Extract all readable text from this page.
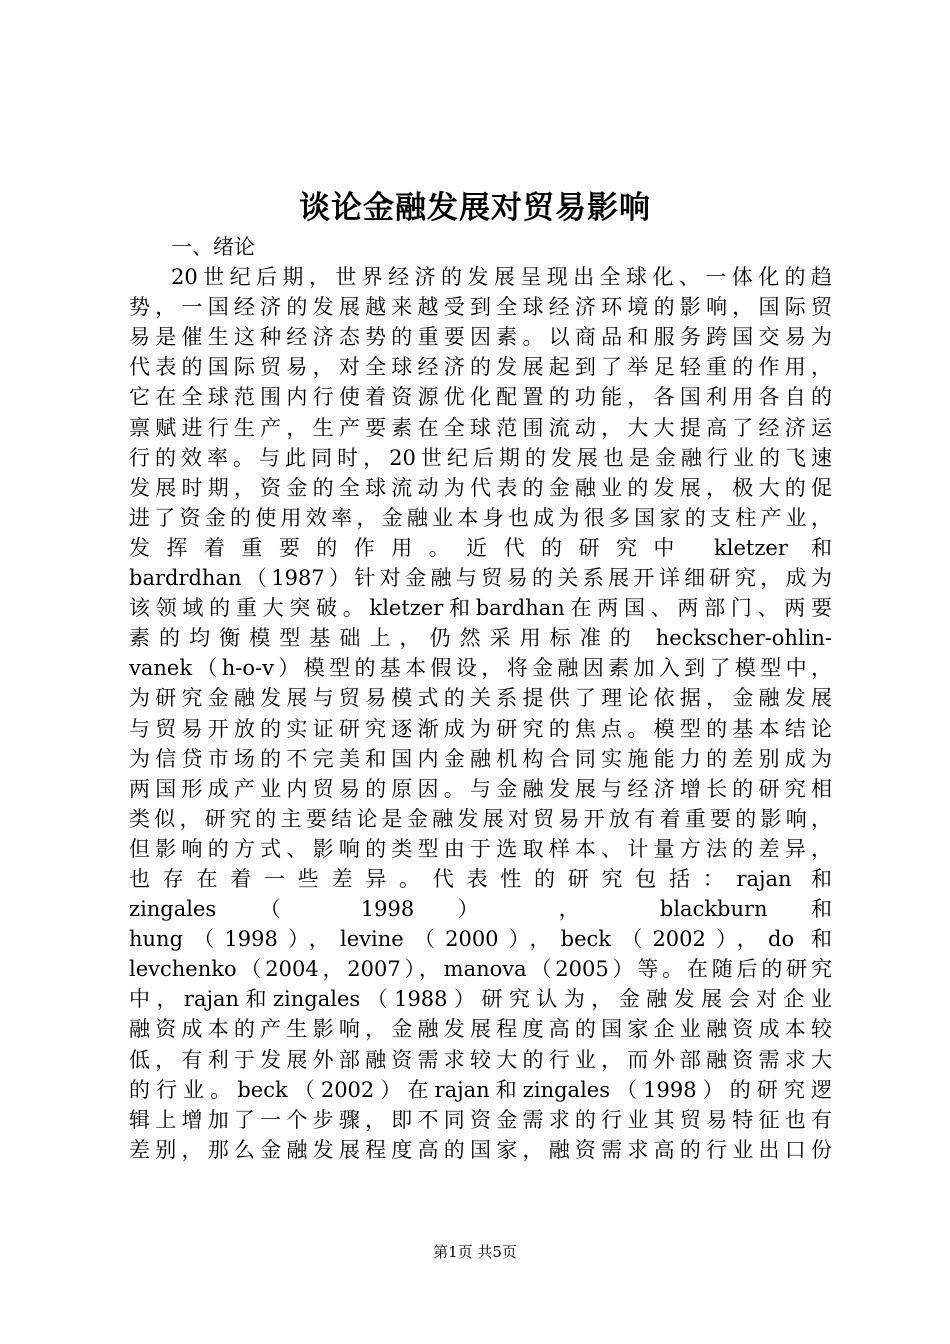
谈论金融发展对贸易影响
一、绪论
20世纪后期，世界经济的发展呈现出全球化、一体化的趋
势，一国经济的发展越来越受到全球经济环境的影响，国际贸
易是催生这种经济态势的重要因素。以商品和服务跨国交易为
代表的国际贸易，对全球经济的发展起到了举足轻重的作用，
它在全球范围内行使着资源优化配置的功能，各国利用各自的
禀赋进行生产，生产要素在全球范围流动，大大提高了经济运
行的效率。与此同时，20世纪后期的发展也是金融行业的飞速
发展时期，资金的全球流动为代表的金融业的发展，极大的促
进了资金的使用效率，金融业本身也成为很多国家的支柱产业，
发挥着重要的作用。近代的研究中 kletzer 和
bardrdhan（1987）针对金融与贸易的关系展开详细研究，成为
该领域的重大突破。kletzer和bardhan在两国、两部门、两要
素的均衡模型基础上，仍然采用标准的 heckscher-ohlin-
vanek（h-o-v）模型的基本假设，将金融因素加入到了模型中，
为研究金融发展与贸易模式的关系提供了理论依据，金融发展
与贸易开放的实证研究逐渐成为研究的焦点。模型的基本结论
为信贷市场的不完美和国内金融机构合同实施能力的差别成为
两国形成产业内贸易的原因。与金融发展与经济增长的研究相
类似，研究的主要结论是金融发展对贸易开放有着重要的影响，
但影响的方式、影响的类型由于选取样本、计量方法的差异，
也存在着一些差异。代表性的研究包括：rajan 和
zingales （ 1998 ） ， blackburn 和
hung（1998），levine（2000），beck（2002），do 和
levchenko（2004，2007），manova（2005）等。在随后的研究
中，rajan和zingales（1988）研究认为，金融发展会对企业
融资成本的产生影响，金融发展程度高的国家企业融资成本较
低，有利于发展外部融资需求较大的行业，而外部融资需求大
的行业。beck（2002）在rajan和zingales（1998）的研究逻
辑上增加了一个步骤，即不同资金需求的行业其贸易特征也有
差别，那么金融发展程度高的国家，融资需求高的行业出口份
第1页 共5页
